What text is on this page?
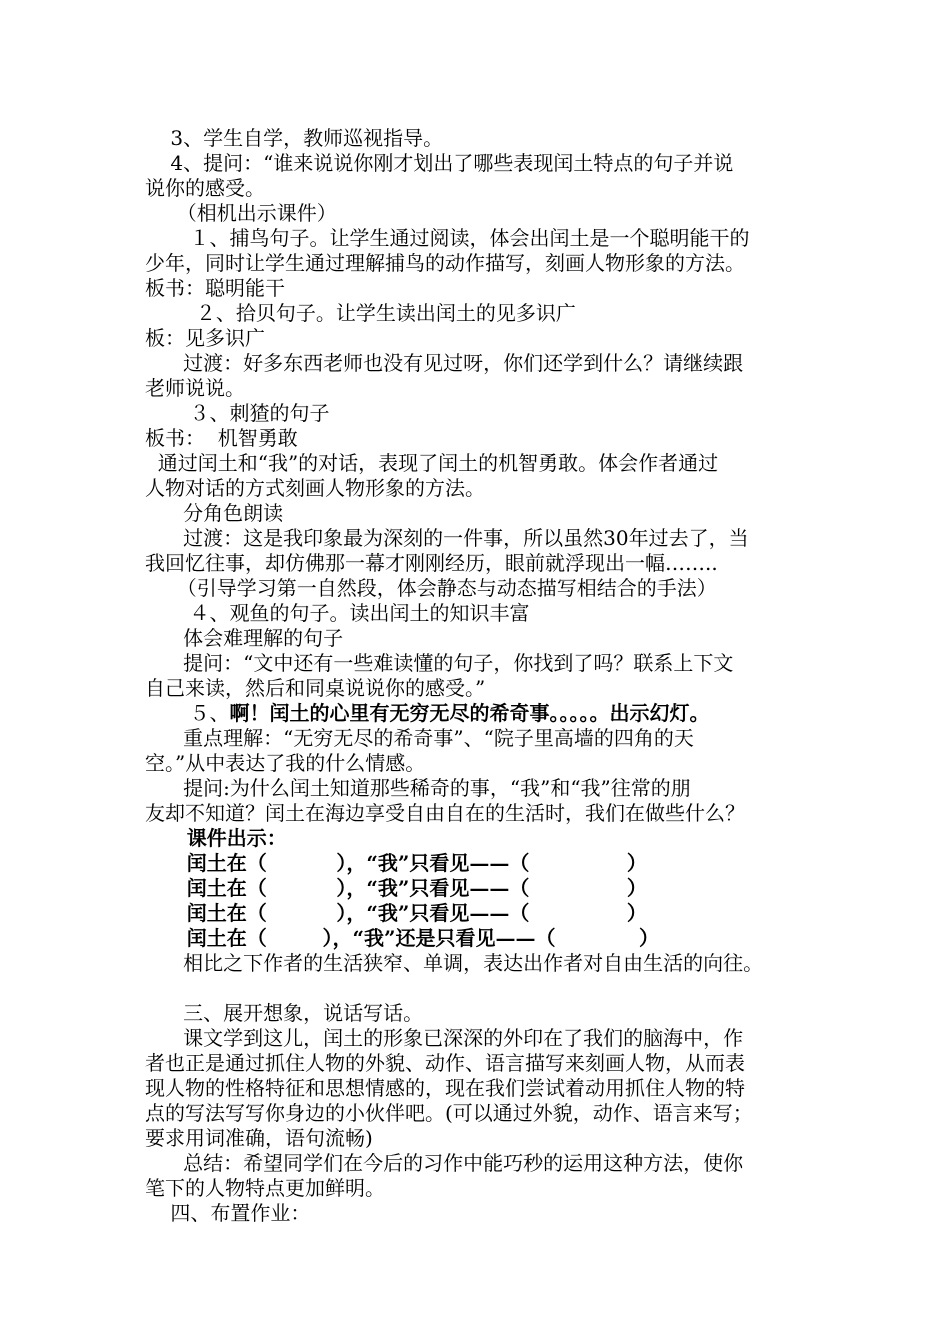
3、学生自学，教师巡视指导。
4、提问：“谁来说说你刚才划出了哪些表现闰土特点的句子并说
说你的感受。
（相机出示课件）
１、捕鸟句子。让学生通过阅读，体会出闰土是一个聪明能干的
少年，同时让学生通过理解捕鸟的动作描写，刻画人物形象的方法。
板书：聪明能干
２、拾贝句子。让学生读出闰土的见多识广
板：见多识广
过渡：好多东西老师也没有见过呀，你们还学到什么？请继续跟
老师说说。
３、刺猹的句子
板书：  机智勇敢
通过闰土和“我”的对话，表现了闰土的机智勇敢。体会作者通过
人物对话的方式刻画人物形象的方法。
分角色朗读
过渡：这是我印象最为深刻的一件事，所以虽然30年过去了，当
我回忆往事，却仿佛那一幕才刚刚经历，眼前就浮现出一幅……..
（引导学习第一自然段，体会静态与动态描写相结合的手法）
４、观鱼的句子。读出闰土的知识丰富
体会难理解的句子
提问：“文中还有一些难读懂的句子，你找到了吗？联系上下文
自己来读，然后和同桌说说你的感受。”
５、啊！闰土的心里有无穷无尽的希奇事。。。。。出示幻灯。
重点理解：“无穷无尽的希奇事”、“院子里高墙的四角的天
空。”从中表达了我的什么情感。
提问:为什么闰土知道那些稀奇的事，“我”和“我”往常的朋
友却不知道？闰土在海边享受自由自在的生活时，我们在做些什么？
课件出示：
闰土在（          ），“我”只看见——（              ）
闰土在（          ），“我”只看见——（              ）
闰土在（          ），“我”只看见——（              ）
闰土在（        ），“我”还是只看见——（            ）
相比之下作者的生活狭窄、单调，表达出作者对自由生活的向往。
三、展开想象，说话写话。
课文学到这儿，闰土的形象已深深的外印在了我们的脑海中，作
者也正是通过抓住人物的外貌、动作、语言描写来刻画人物，从而表
现人物的性格特征和思想情感的，现在我们尝试着动用抓住人物的特
点的写法写写你身边的小伙伴吧。(可以通过外貌，动作、语言来写；
要求用词准确，语句流畅)
总结：希望同学们在今后的习作中能巧秒的运用这种方法，使你
笔下的人物特点更加鲜明。
四、布置作业：
